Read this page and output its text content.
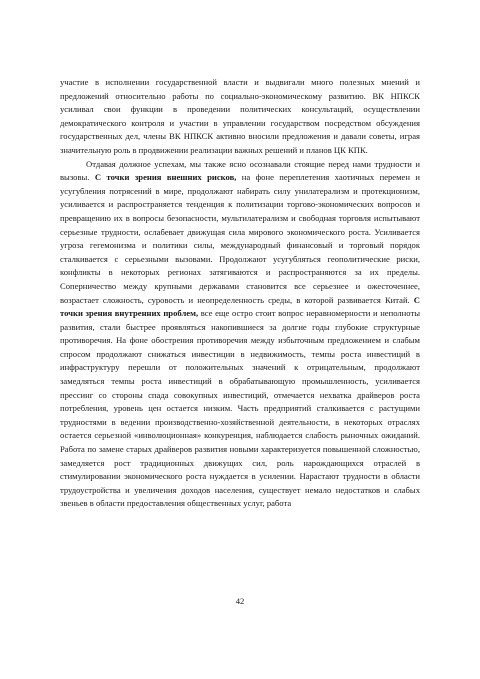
участие в исполнении государственной власти и выдвигали много полезных мнений и предложений относительно работы по социально-экономическому развитию. ВК НПКСК усиливал свои функции в проведении политических консультаций, осуществлении демократического контроля и участии в управлении государством посредством обсуждения государственных дел, члены ВК НПКСК активно вносили предложения и давали советы, играя значительную роль в продвижении реализации важных решений и планов ЦК КПК.

Отдавая должное успехам, мы также ясно осознавали стоящие перед нами трудности и вызовы. С точки зрения внешних рисков, на фоне переплетения хаотичных перемен и усугубления потрясений в мире, продолжают набирать силу унилатерализм и протекционизм, усиливается и распространяется тенденция к политизации торгово-экономических вопросов и превращению их в вопросы безопасности, мультилатерализм и свободная торговля испытывают серьезные трудности, ослабевает движущая сила мирового экономического роста. Усиливается угроза гегемонизма и политики силы, международный финансовый и торговый порядок сталкивается с серьезными вызовами. Продолжают усугубляться геополитические риски, конфликты в некоторых регионах затягиваются и распространяются за их пределы. Соперничество между крупными державами становится все серьезнее и ожесточеннее, возрастает сложность, суровость и неопределенность среды, в которой развивается Китай. С точки зрения внутренних проблем, все еще остро стоит вопрос неравномерности и неполноты развития, стали быстрее проявляться накопившиеся за долгие годы глубокие структурные противоречия. На фоне обострения противоречия между избыточным предложением и слабым спросом продолжают снижаться инвестиции в недвижимость, темпы роста инвестиций в инфраструктуру перешли от положительных значений к отрицательным, продолжают замедляться темпы роста инвестиций в обрабатывающую промышленность, усиливается прессинг со стороны спада совокупных инвестиций, отмечается нехватка драйверов роста потребления, уровень цен остается низким. Часть предприятий сталкивается с растущими трудностями в ведении производственно-хозяйственной деятельности, в некоторых отраслях остается серьезной «инволюционная» конкуренция, наблюдается слабость рыночных ожиданий. Работа по замене старых драйверов развития новыми характеризуется повышенной сложностью, замедляется рост традиционных движущих сил, роль нарождающихся отраслей в стимулировании экономического роста нуждается в усилении. Нарастают трудности в области трудоустройства и увеличения доходов населения, существует немало недостатков и слабых звеньев в области предоставления общественных услуг, работа

42
